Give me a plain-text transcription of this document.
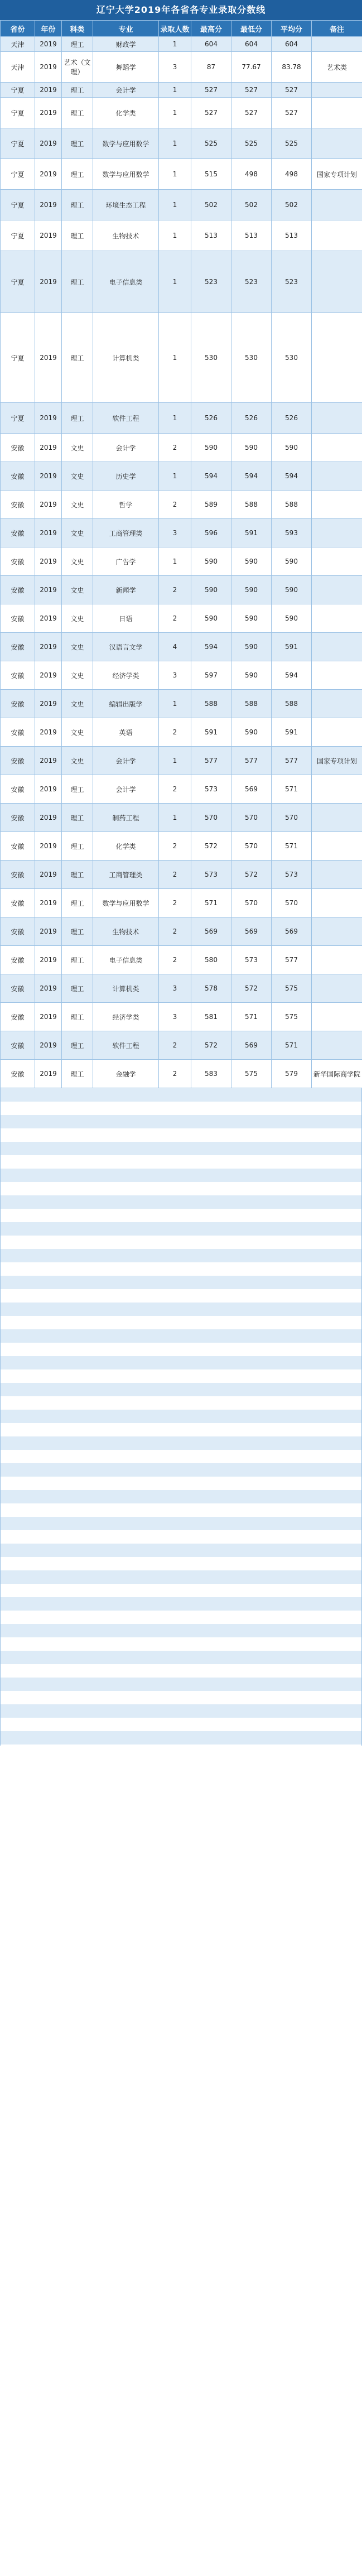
辽宁大学2019年各省各专业录取分数线
省份	年份	科类	专业	录取人数	最高分	最低分	平均分	备注
天津	2019	理工	财政学	1	604	604	604	
天津	2019	艺术（文理）	舞蹈学	3	87	77.67	83.78	艺术类
宁夏	2019	理工	会计学	1	527	527	527	
宁夏	2019	理工	化学类	1	527	527	527	
宁夏	2019	理工	数学与应用数学	1	525	525	525	
宁夏	2019	理工	数学与应用数学	1	515	498	498	国家专项计划
宁夏	2019	理工	环境生态工程	1	502	502	502	
宁夏	2019	理工	生物技术	1	513	513	513	
宁夏	2019	理工	电子信息类	1	523	523	523	
宁夏	2019	理工	计算机类	1	530	530	530	
宁夏	2019	理工	软件工程	1	526	526	526	
安徽	2019	文史	会计学	2	590	590	590	
安徽	2019	文史	历史学	1	594	594	594	
安徽	2019	文史	哲学	2	589	588	588	
安徽	2019	文史	工商管理类	3	596	591	593	
安徽	2019	文史	广告学	1	590	590	590	
安徽	2019	文史	新闻学	2	590	590	590	
安徽	2019	文史	日语	2	590	590	590	
安徽	2019	文史	汉语言文学	4	594	590	591	
安徽	2019	文史	经济学类	3	597	590	594	
安徽	2019	文史	编辑出版学	1	588	588	588	
安徽	2019	文史	英语	2	591	590	591	
安徽	2019	文史	会计学	1	577	577	577	国家专项计划
安徽	2019	理工	会计学	2	573	569	571	
安徽	2019	理工	制药工程	1	570	570	570	
安徽	2019	理工	化学类	2	572	570	571	
安徽	2019	理工	工商管理类	2	573	572	573	
安徽	2019	理工	数学与应用数学	2	571	570	570	
安徽	2019	理工	生物技术	2	569	569	569	
安徽	2019	理工	电子信息类	2	580	573	577	
安徽	2019	理工	计算机类	3	578	572	575	
安徽	2019	理工	经济学类	3	581	571	575	
安徽	2019	理工	软件工程	2	572	569	571	
安徽	2019	理工	金融学	2	583	575	579	新华国际商学院
